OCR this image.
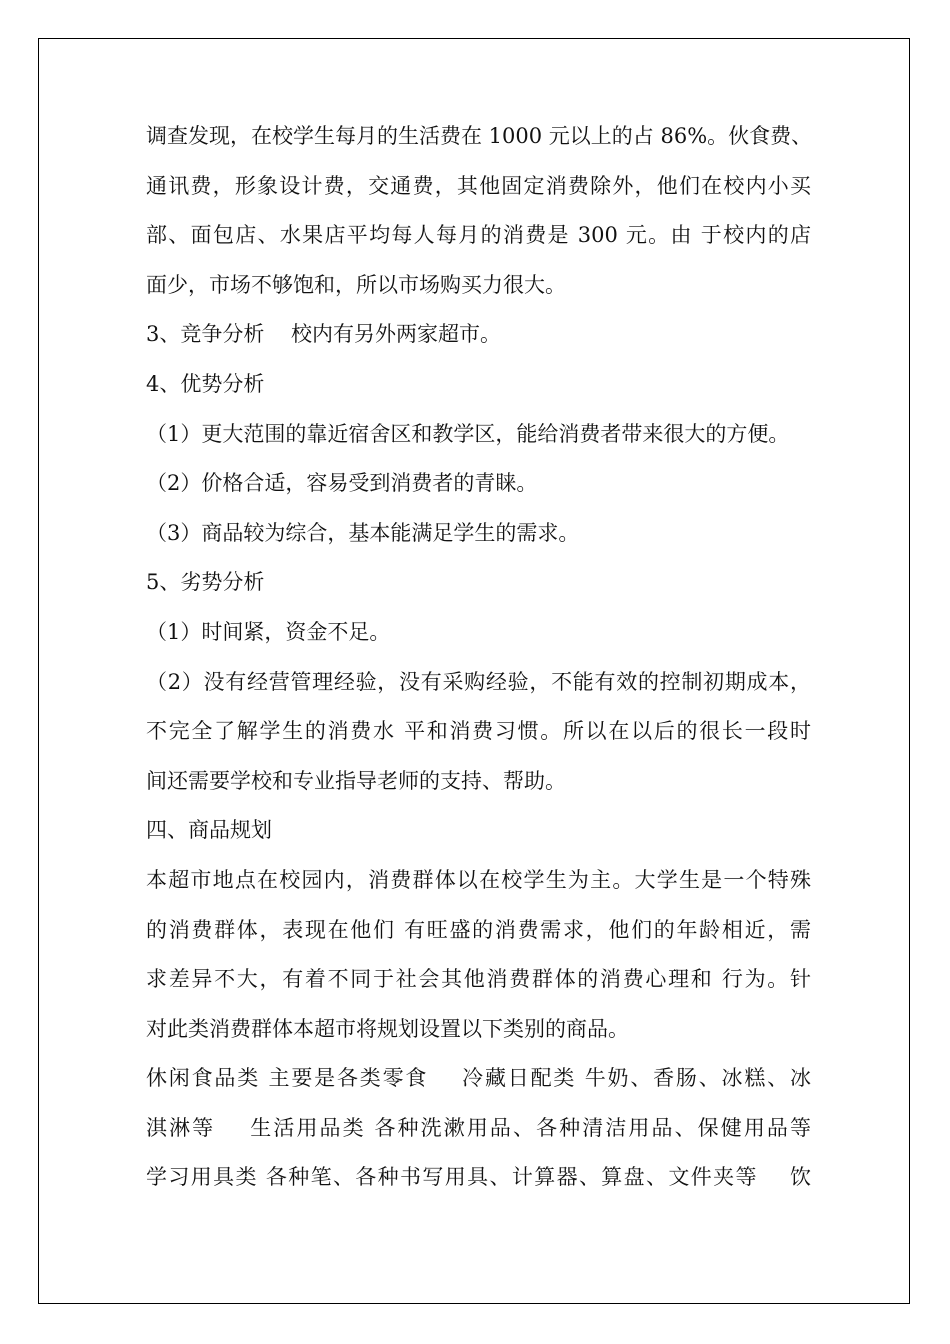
调查发现，在校学生每月的生活费在 1000 元以上的占 86%。伙食费、
通讯费，形象设计费，交通费，其他固定消费除外，他们在校内小买
部、面包店、水果店平均每人每月的消费是 300 元。由 于校内的店
面少，市场不够饱和，所以市场购买力很大。
3、竞争分析    校内有另外两家超市。
4、优势分析
（1）更大范围的靠近宿舍区和教学区，能给消费者带来很大的方便。
（2）价格合适，容易受到消费者的青睐。
（3）商品较为综合，基本能满足学生的需求。
5、劣势分析
（1）时间紧，资金不足。
（2）没有经营管理经验，没有采购经验，不能有效的控制初期成本，
不完全了解学生的消费水 平和消费习惯。所以在以后的很长一段时
间还需要学校和专业指导老师的支持、帮助。
四、商品规划
本超市地点在校园内，消费群体以在校学生为主。大学生是一个特殊
的消费群体，表现在他们 有旺盛的消费需求，他们的年龄相近，需
求差异不大，有着不同于社会其他消费群体的消费心理和 行为。针
对此类消费群体本超市将规划设置以下类别的商品。
休闲食品类 主要是各类零食    冷藏日配类 牛奶、香肠、冰糕、冰
淇淋等    生活用品类 各种洗漱用品、各种清洁用品、保健用品等
学习用具类 各种笔、各种书写用具、计算器、算盘、文件夹等    饮
